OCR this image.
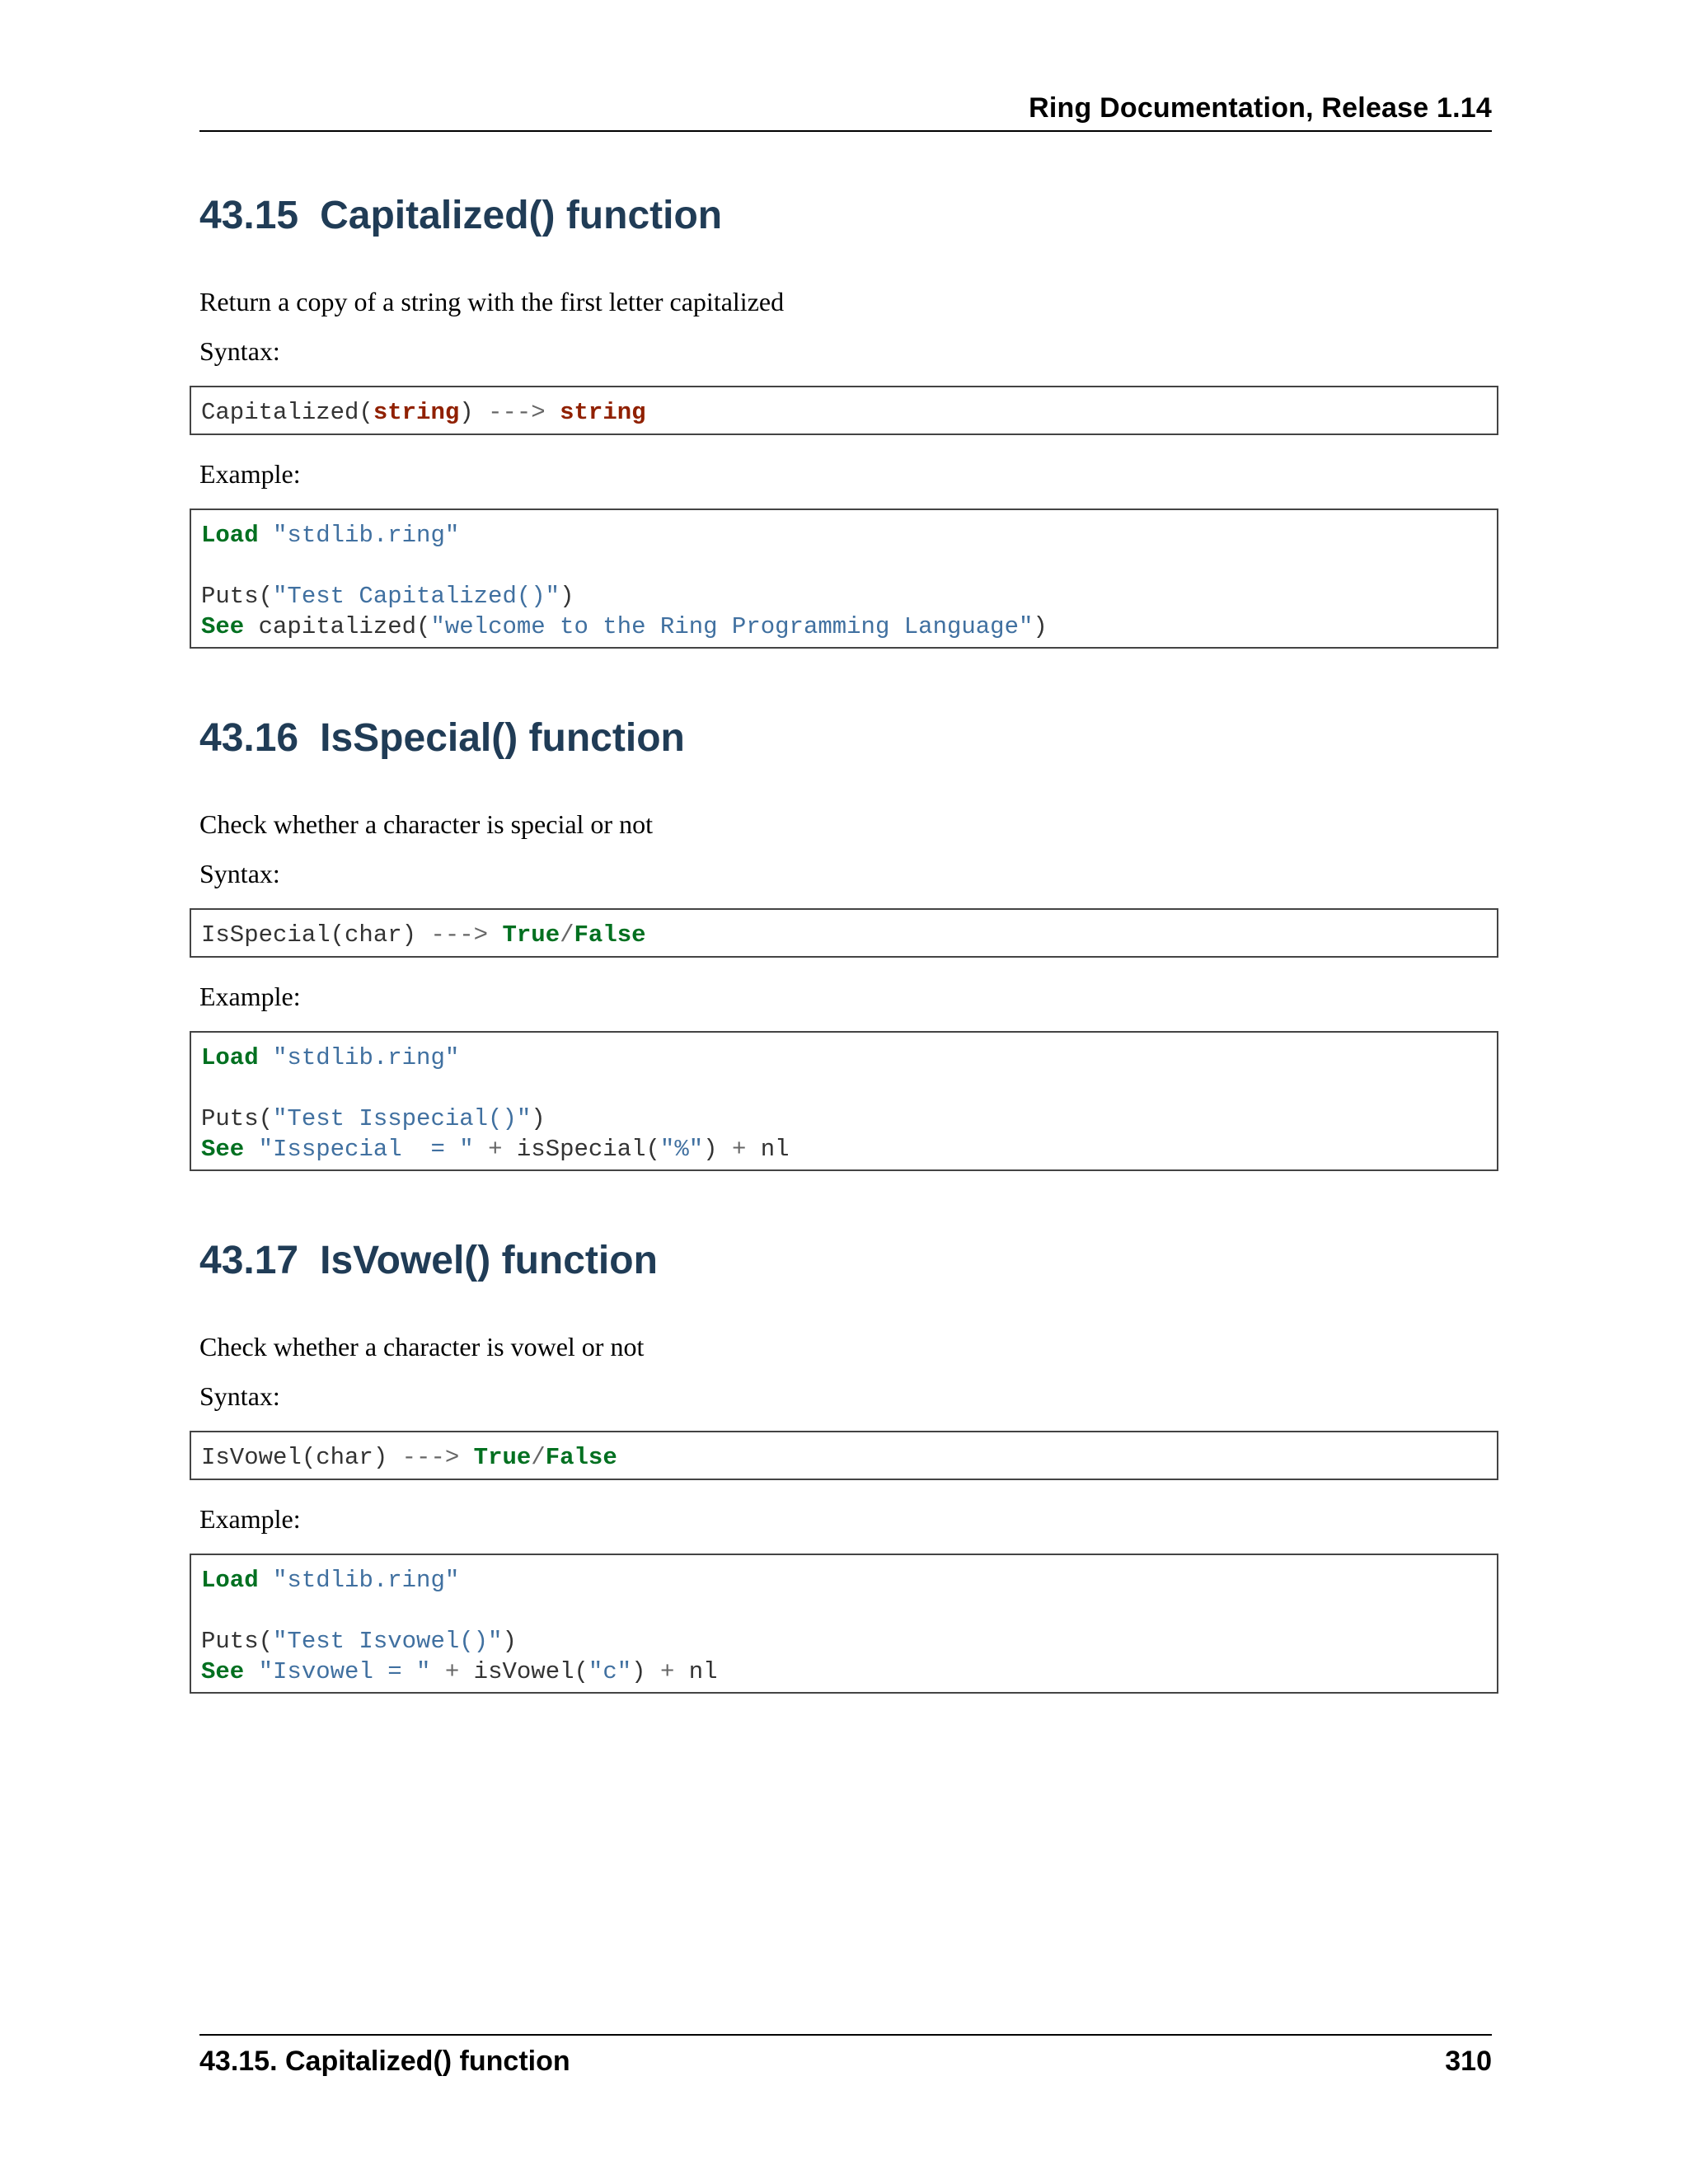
Ring Documentation, Release 1.14
43.15 Capitalized() function

Return a copy of a string with the first letter capitalized

Syntax:

Capitalized(string) ---> string

Example:

Load "stdlib.ring"
Puts("Test Capitalized()")
See capitalized("welcome to the Ring Programming Language")
43.16 IsSpecial() function

Check whether a character is special or not

Syntax:

IsSpecial(char) ---> True/False

Example:

Load "stdlib.ring"
Puts("Test Isspecial()")
See "Isspecial  = " + isSpecial("%") + nl
43.17 IsVowel() function

Check whether a character is vowel or not

Syntax:

IsVowel(char) ---> True/False

Example:

Load "stdlib.ring"
Puts("Test Isvowel()")
See "Isvowel = " + isVowel("c") + nl
43.15. Capitalized() function	310
